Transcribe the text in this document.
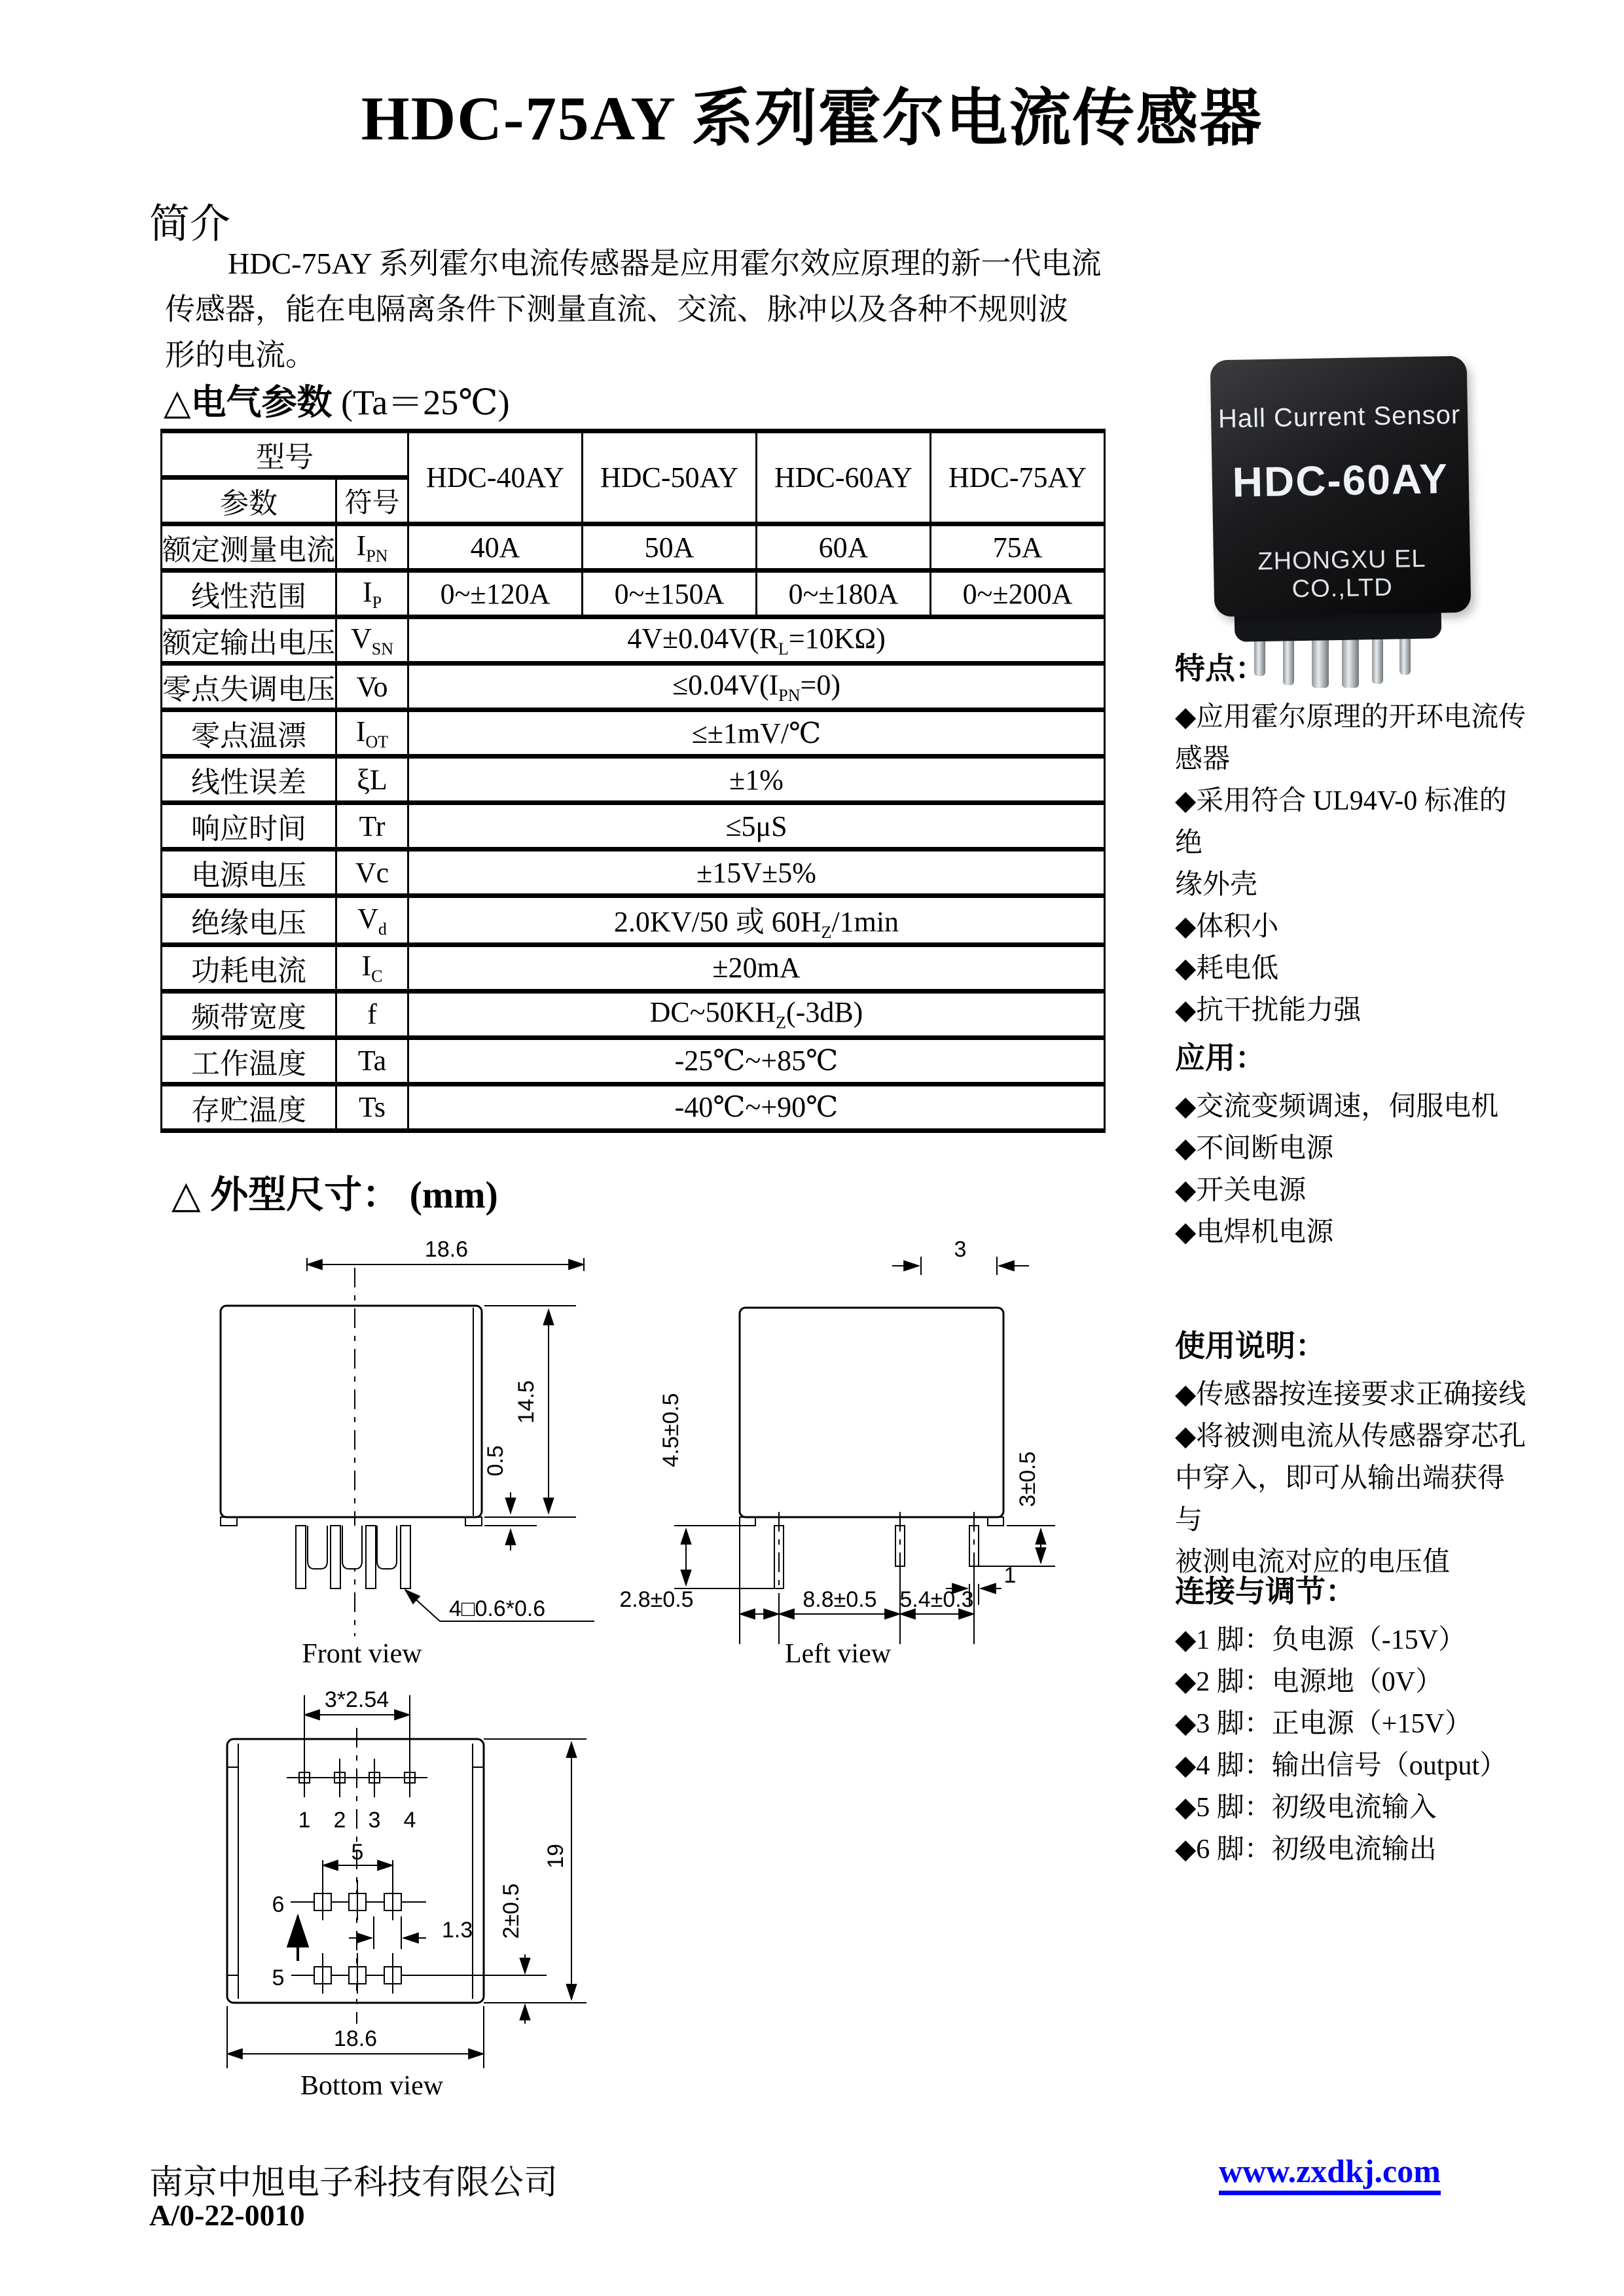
HDC-75AY 系列霍尔电流传感器
简介
HDC-75AY 系列霍尔电流传感器是应用霍尔效应原理的新一代电流
传感器，能在电隔离条件下测量直流、交流、脉冲以及各种不规则波
形的电流。
△电气参数 (Ta＝25℃)
型号		HDC-40AY	HDC-50AY	HDC-60AY	HDC-75AY
参数	符号				
额定测量电流	$I_{PN}$	40A	50A	60A	75A
线性范围	$I_P$	0~±120A	0~±150A	0~±180A	0~±200A
额定输出电压	$V_{SN}$	$4V\pm 0.04V(R_L=10K\Omega)$			
零点失调电压	Vo	$\le 0.04V(I_{PN}=0)$			
零点温漂	$I_{OT}$	≤±1mV/℃			
线性误差	ξL	±1%			
响应时间	Tr	≤5μS			
电源电压	Vc	±15V±5%			
绝缘电压	$V_d$	2.0KV/50 或 $60H_Z/1\min$			
功耗电流	$I_C$	±20mA			
频带宽度	f	$DC\sim 50KH_Z(-3dB)$			
工作温度	Ta	-25℃~+85℃			
存贮温度	Ts	-40℃~+90℃			
Hall Current Sensor
HDC-60AY
ZHONGXU EL CO.,LTD
特点：
◆应用霍尔原理的开环电流传
感器
◆采用符合 UL94V-0 标准的绝
缘外壳
◆体积小
◆耗电低
◆抗干扰能力强
应用：
◆交流变频调速，伺服电机
◆不间断电源
◆开关电源
◆电焊机电源
使用说明：
◆传感器按连接要求正确接线
◆将被测电流从传感器穿芯孔
中穿入，即可从输出端获得与
被测电流对应的电压值
连接与调节：
◆1 脚：负电源（-15V）
◆2 脚：电源地（0V）
◆3 脚：正电源（+15V）
◆4 脚：输出信号（output）
◆5 脚：初级电流输入
◆6 脚：初级电流输出
△ 外型尺寸： (mm)
18.6
14.5
0.5
4□0.6*0.6
Front view
3
4.5±0.5
3±0.5
2.8±0.5	8.8±0.5 5.4±0.3
1
Left view
3*2.54
1 2 3 4
5
6
5
1.3 2±0.5
19
18.6
Bottom view
南京中旭电子科技有限公司
A/0-22-0010
www.zxdkj.com
